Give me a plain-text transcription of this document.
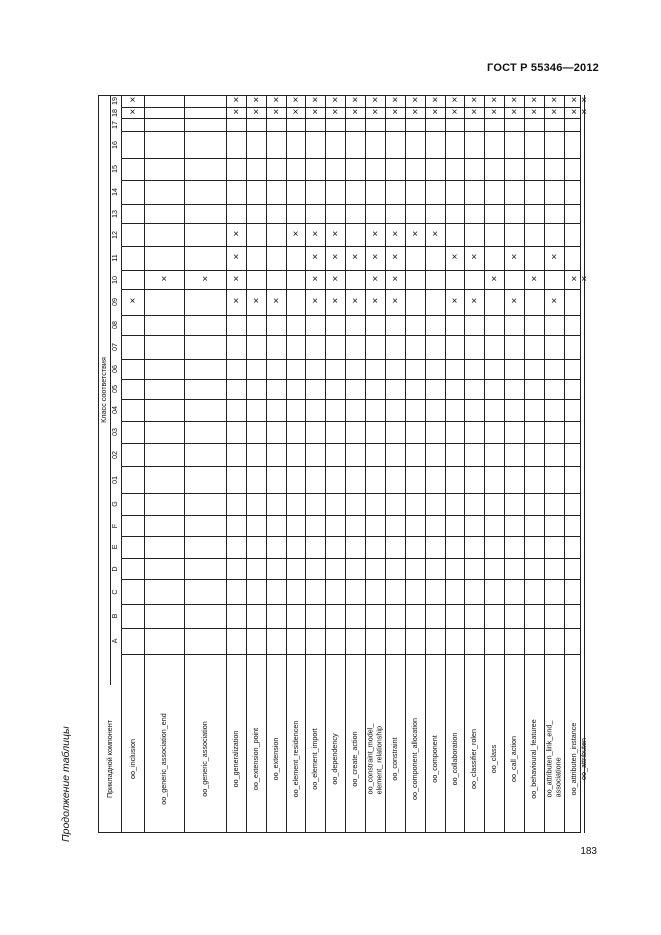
ГОСТ Р 55346—2012
Продолжение таблицы	Прикладной компонент
Класс соответствия
19
18
17
16
15
14
13
12
11
10
09
08
07
06
05
04
03
02
01
G
F
E
D
C
B
A
oo_inclusion
×
×
×
oo_generic_association_end
×
oo_generic_association
×
oo_generalization
×
×
×
×
×
×
oo_extension_point
×
×
×
oo_extension
×
×
×
oo_element_residencen
×
×
×
oo_element_import
×
×
×
×
×
×
oo_dependency
×
×
×
×
×
×
oo_create_action
×
×
×
×
oo_constraint_model_
element_ relationship
×
×
×
×
×
×
oo_constraint
×
×
×
×
×
×
oo_component_allocation
×
×
×
oo_component
×
×
×
oo_collaboration
×
×
×
×
oo_classifier_rolen
×
×
×
×
oo_class
×
×
×
oo_call_action
×
×
×
×
oo_behavioural_featuree
×
×
×
oo_attributen_link_end_
associationе
×
×
×
×
oo_attributen_instance
×
×
×
oo_attributen
×
×
×
183
